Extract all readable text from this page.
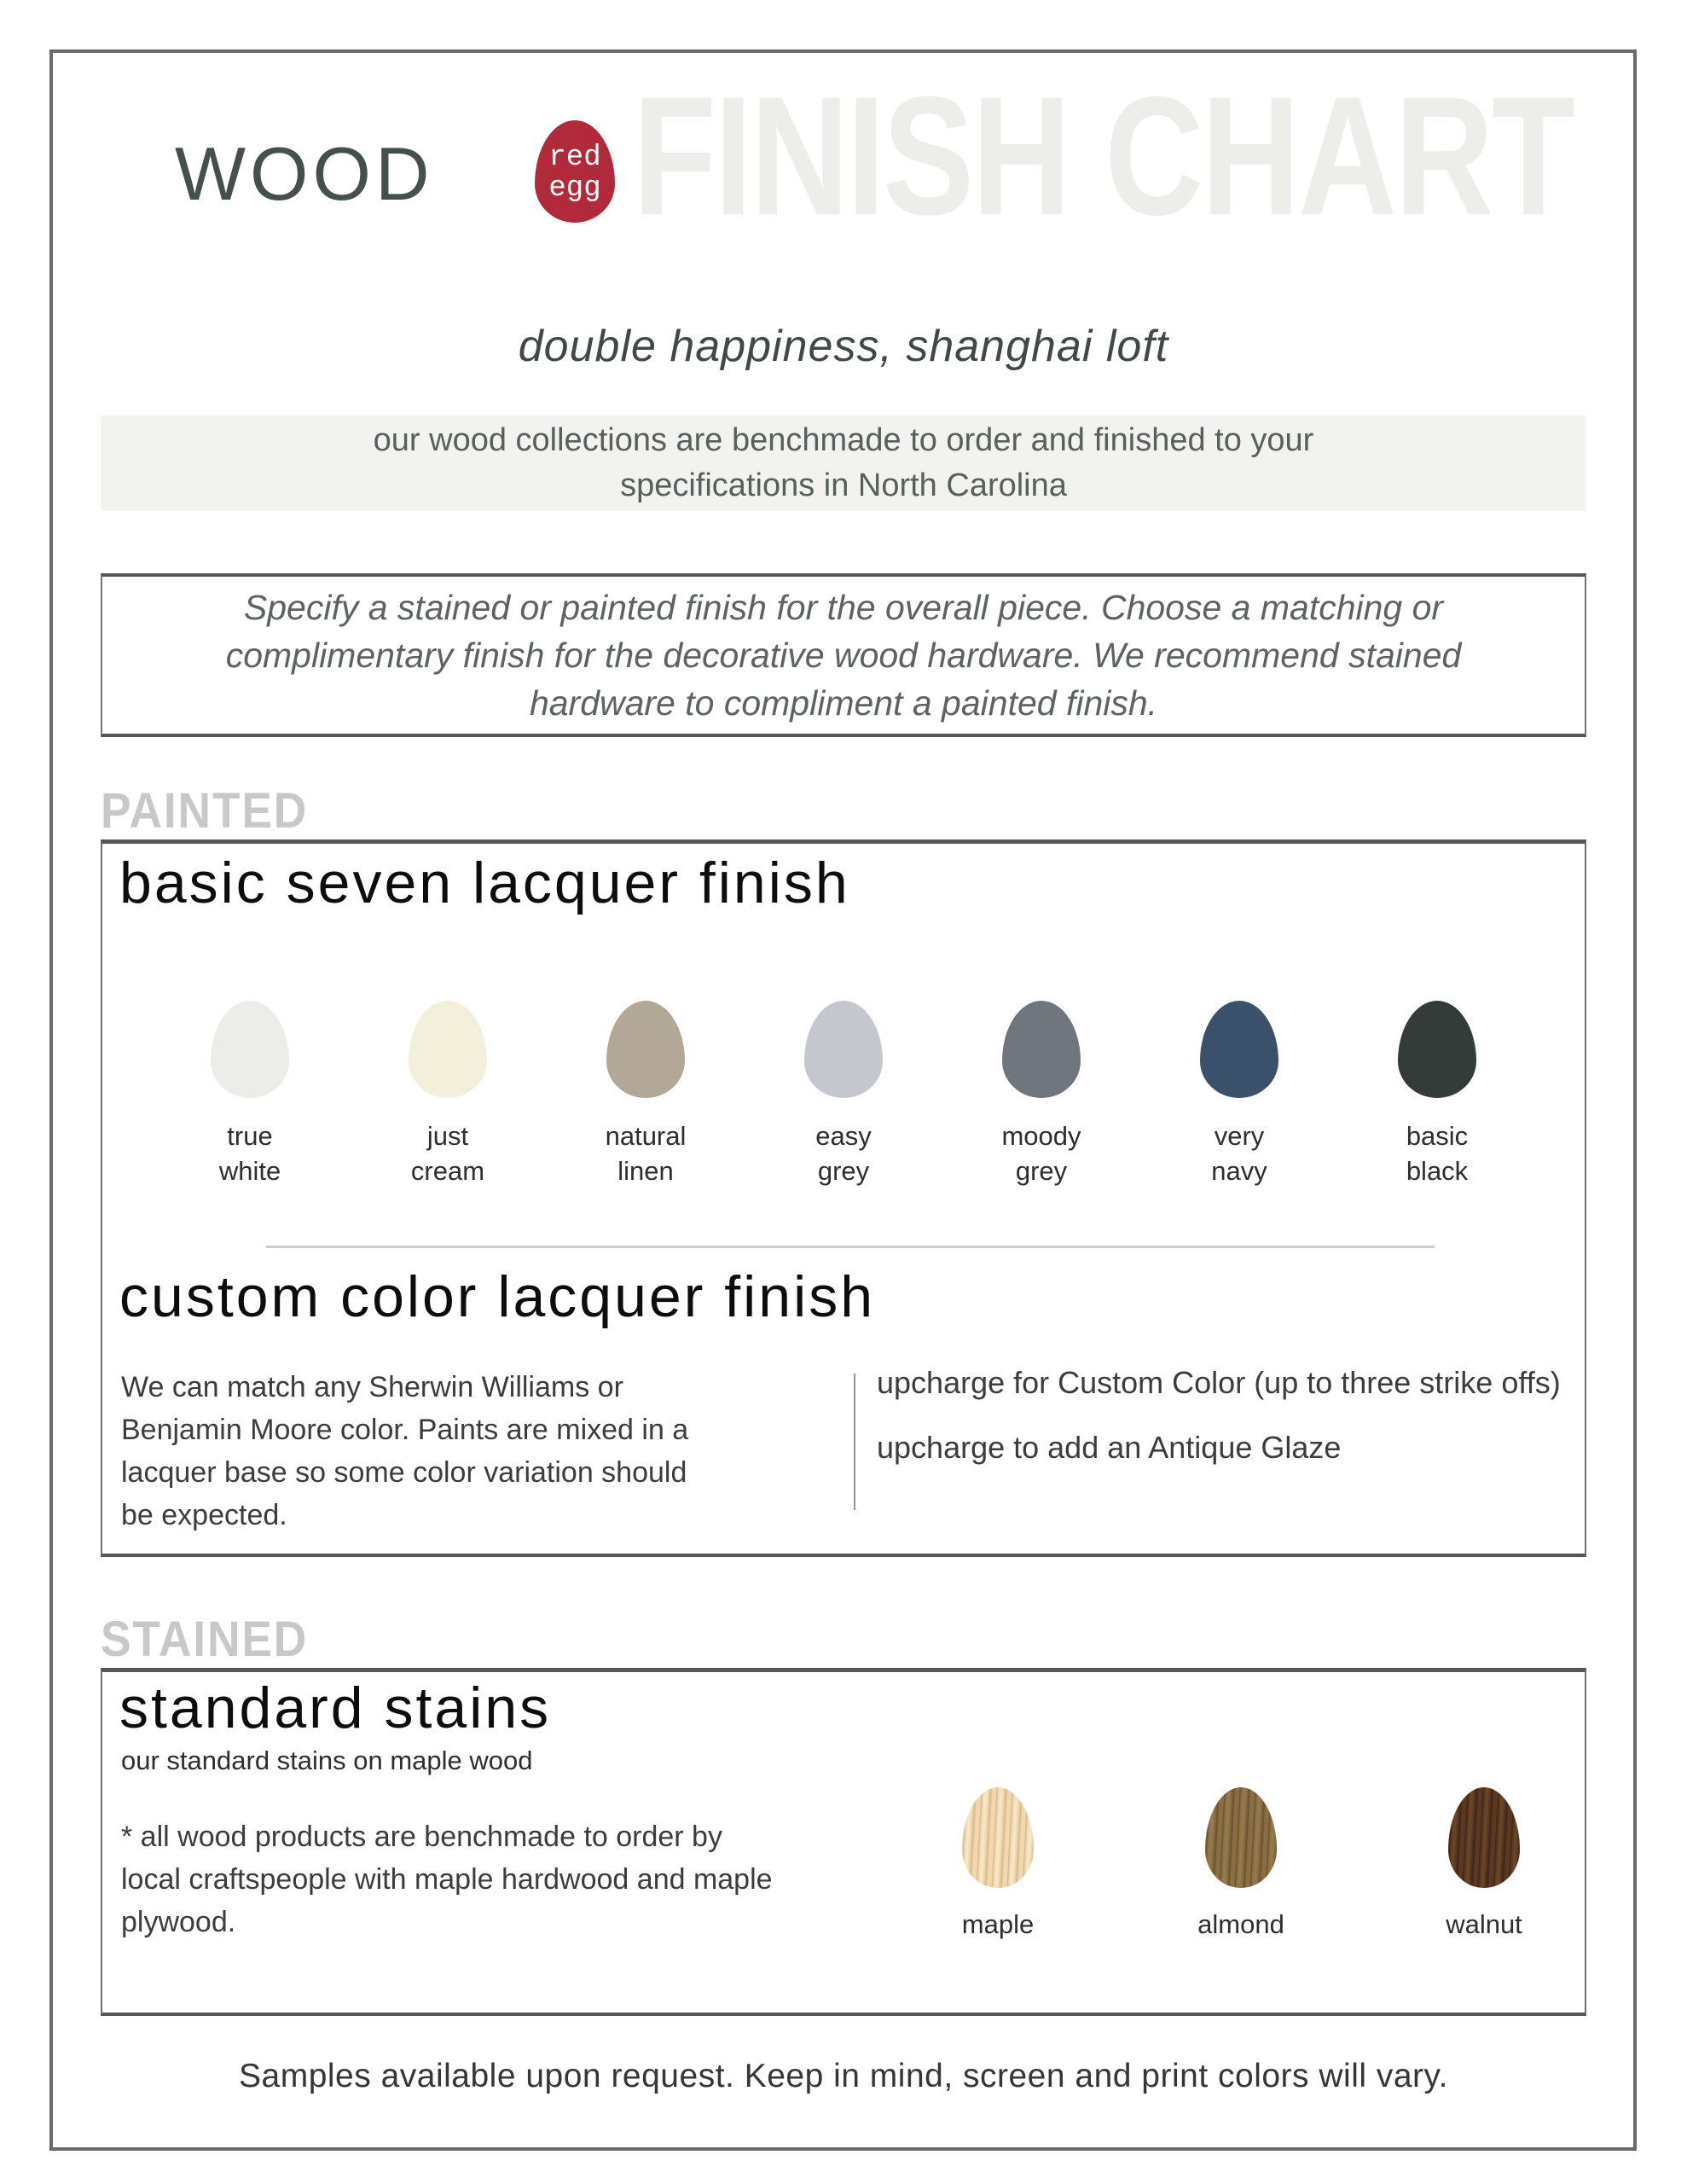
FINISH CHART
WOOD	red
egg
double happiness, shanghai loft

our wood collections are benchmade to order and finished to your specifications in North Carolina

Specify a stained or painted finish for the overall piece. Choose a matching or complimentary finish for the decorative wood hardware. We recommend stained hardware to compliment a painted finish.

PAINTED
basic seven lacquer finish
true
white
just
cream
natural
linen
easy
grey
moody
grey
very
navy
basic
black
custom color lacquer finish

We can match any Sherwin Williams or Benjamin Moore color. Paints are mixed in a lacquer base so some color variation should be expected.

upcharge for Custom Color (up to three strike offs)
upcharge to add an Antique Glaze
STAINED
standard stains

our standard stains on maple wood

* all wood products are benchmade to order by local craftspeople with maple hardwood and maple plywood.	maple	almond	walnut
Samples available upon request. Keep in mind, screen and print colors will vary.
